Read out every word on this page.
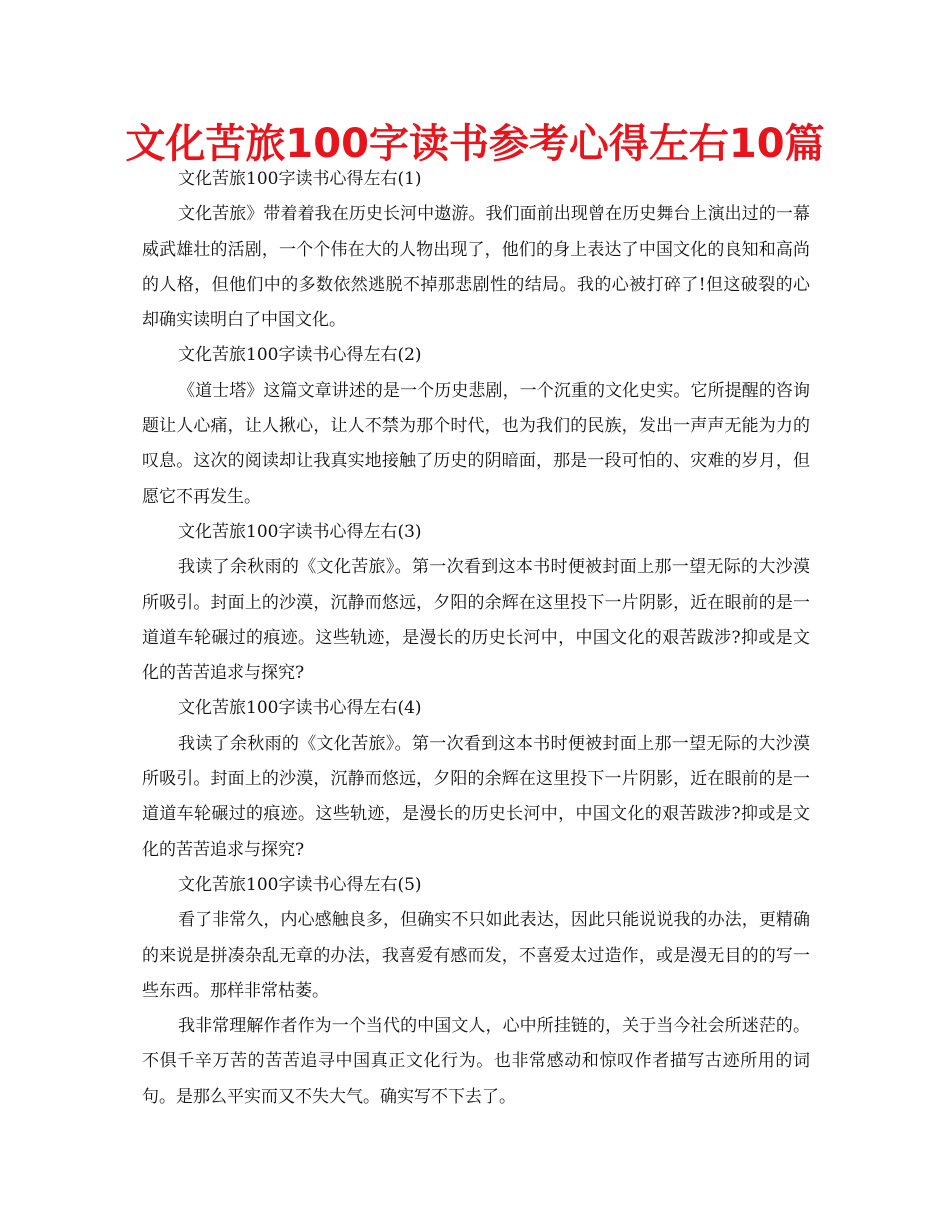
文化苦旅100字读书参考心得左右10篇

文化苦旅100字读书心得左右(1)

文化苦旅》带着着我在历史长河中遨游。我们面前出现曾在历史舞台上演出过的一幕威武雄壮的活剧，一个个伟在大的人物出现了，他们的身上表达了中国文化的良知和高尚的人格，但他们中的多数依然逃脱不掉那悲剧性的结局。我的心被打碎了!但这破裂的心却确实读明白了中国文化。

文化苦旅100字读书心得左右(2)

《道士塔》这篇文章讲述的是一个历史悲剧，一个沉重的文化史实。它所提醒的咨询题让人心痛，让人揪心，让人不禁为那个时代，也为我们的民族，发出一声声无能为力的叹息。这次的阅读却让我真实地接触了历史的阴暗面，那是一段可怕的、灾难的岁月，但愿它不再发生。

文化苦旅100字读书心得左右(3)

我读了余秋雨的《文化苦旅》。第一次看到这本书时便被封面上那一望无际的大沙漠所吸引。封面上的沙漠，沉静而悠远，夕阳的余辉在这里投下一片阴影，近在眼前的是一道道车轮碾过的痕迹。这些轨迹，是漫长的历史长河中，中国文化的艰苦跋涉?抑或是文化的苦苦追求与探究?

文化苦旅100字读书心得左右(4)

我读了余秋雨的《文化苦旅》。第一次看到这本书时便被封面上那一望无际的大沙漠所吸引。封面上的沙漠，沉静而悠远，夕阳的余辉在这里投下一片阴影，近在眼前的是一道道车轮碾过的痕迹。这些轨迹，是漫长的历史长河中，中国文化的艰苦跋涉?抑或是文化的苦苦追求与探究?

文化苦旅100字读书心得左右(5)

看了非常久，内心感触良多，但确实不只如此表达，因此只能说说我的办法，更精确的来说是拼凑杂乱无章的办法，我喜爱有感而发，不喜爱太过造作，或是漫无目的的写一些东西。那样非常枯萎。

我非常理解作者作为一个当代的中国文人，心中所挂链的，关于当今社会所迷茫的。不俱千辛万苦的苦苦追寻中国真正文化行为。也非常感动和惊叹作者描写古迹所用的词句。是那么平实而又不失大气。确实写不下去了。
